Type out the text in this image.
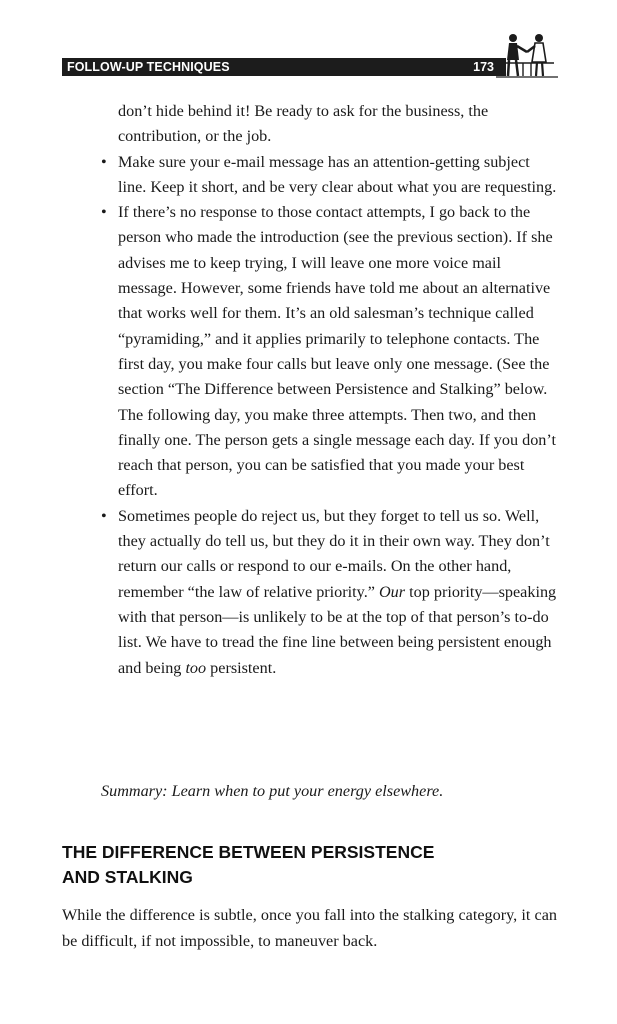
FOLLOW-UP TECHNIQUES	173
don’t hide behind it! Be ready to ask for the business, the contribution, or the job.
• Make sure your e-mail message has an attention-getting subject line. Keep it short, and be very clear about what you are requesting.
• If there’s no response to those contact attempts, I go back to the person who made the introduction (see the previous section). If she advises me to keep trying, I will leave one more voice mail message. However, some friends have told me about an alternative that works well for them. It’s an old salesman’s technique called “pyramiding,” and it applies primarily to telephone contacts. The first day, you make four calls but leave only one message. (See the section “The Difference between Persistence and Stalking” below. The following day, you make three attempts. Then two, and then finally one. The person gets a single message each day. If you don’t reach that person, you can be satisfied that you made your best effort.
• Sometimes people do reject us, but they forget to tell us so. Well, they actually do tell us, but they do it in their own way. They don’t return our calls or respond to our e-mails. On the other hand, remember “the law of relative priority.” Our top priority—speaking with that person—is unlikely to be at the top of that person’s to-do list. We have to tread the fine line between being persistent enough and being too persistent.
Summary: Learn when to put your energy elsewhere.
THE DIFFERENCE BETWEEN PERSISTENCE
AND STALKING

While the difference is subtle, once you fall into the stalking category, it can be difficult, if not impossible, to maneuver back.
